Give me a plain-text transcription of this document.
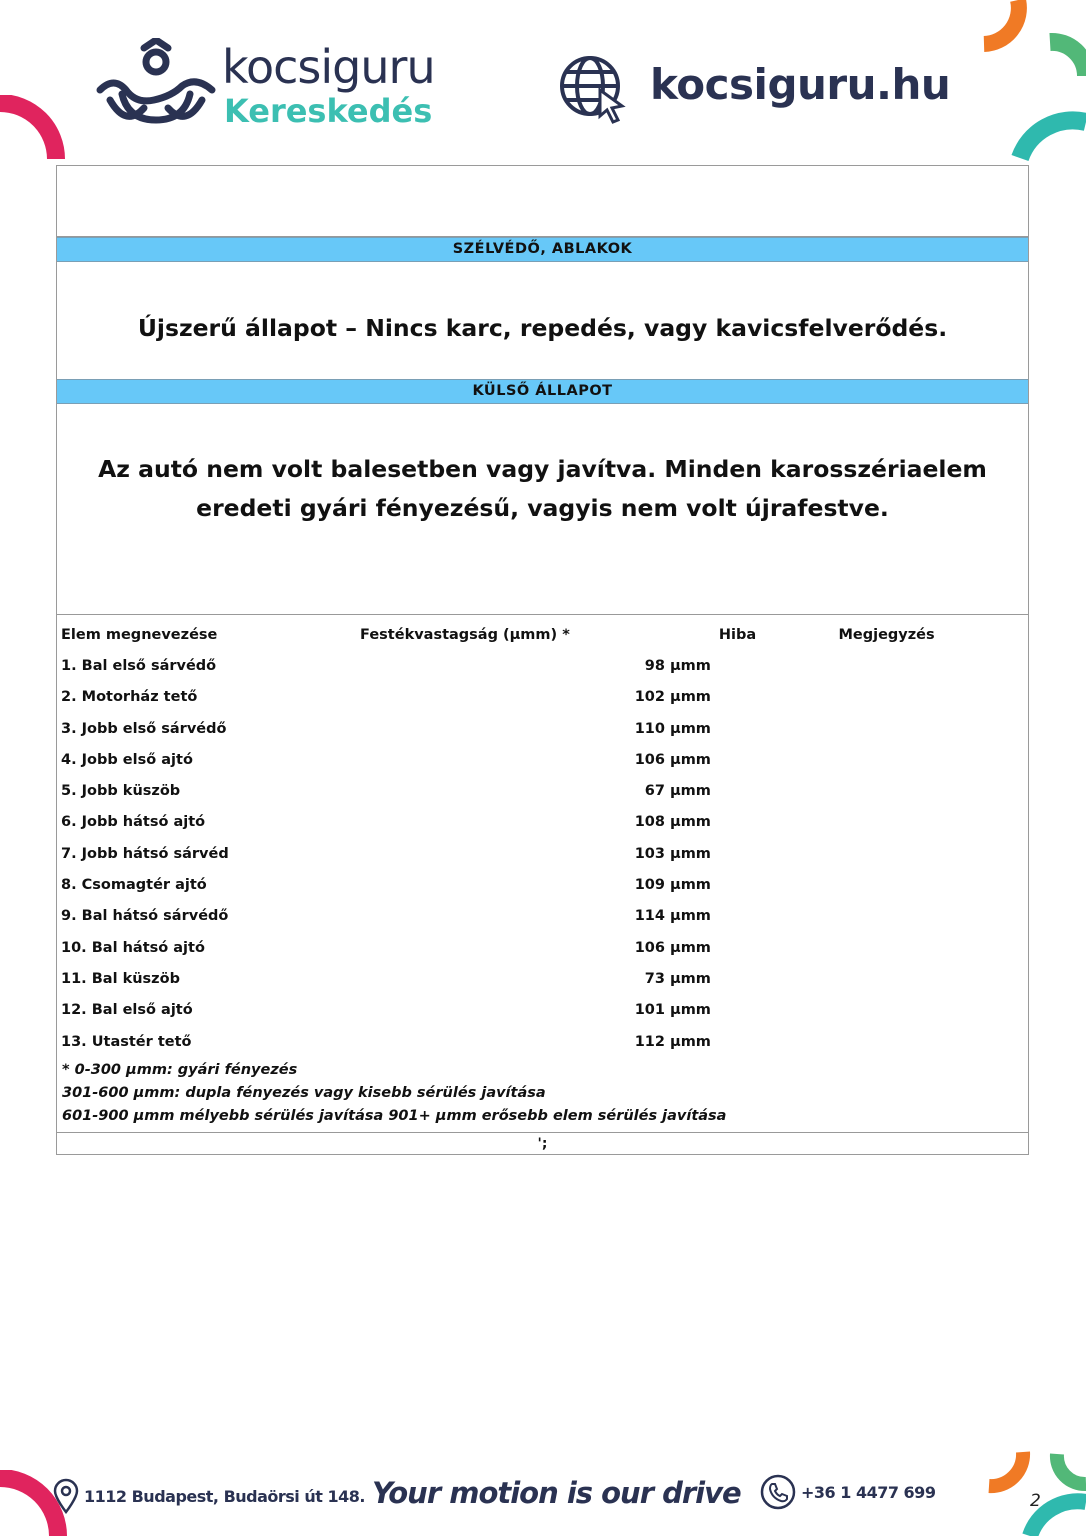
kocsiguru
Kereskedés
kocsiguru.hu
SZÉLVÉDŐ, ABLAKOK
Újszerű állapot – Nincs karc, repedés, vagy kavicsfelverődés.
KÜLSŐ ÁLLAPOT
Az autó nem volt balesetben vagy javítva. Minden karosszériaelem
eredeti gyári fényezésű, vagyis nem volt újrafestve.
Elem megnevezése	Festékvastagság (µmm) *	Hiba	Megjegyzés
1. Bal első sárvédő	98 µmm		
2. Motorház tető	102 µmm		
3. Jobb első sárvédő	110 µmm		
4. Jobb első ajtó	106 µmm		
5. Jobb küszöb	67 µmm		
6. Jobb hátsó ajtó	108 µmm		
7. Jobb hátsó sárvéd	103 µmm		
8. Csomagtér ajtó	109 µmm		
9. Bal hátsó sárvédő	114 µmm		
10. Bal hátsó ajtó	106 µmm		
11. Bal küszöb	73 µmm		
12. Bal első ajtó	101 µmm		
13. Utastér tető	112 µmm		
* 0-300 µmm: gyári fényezés
301-600 µmm: dupla fényezés vagy kisebb sérülés javítása
601-900 µmm mélyebb sérülés javítása 901+ µmm erősebb elem sérülés javítása
';
1112 Budapest, Budaörsi út 148. Your motion is our drive	+36 1 4477 699	2
